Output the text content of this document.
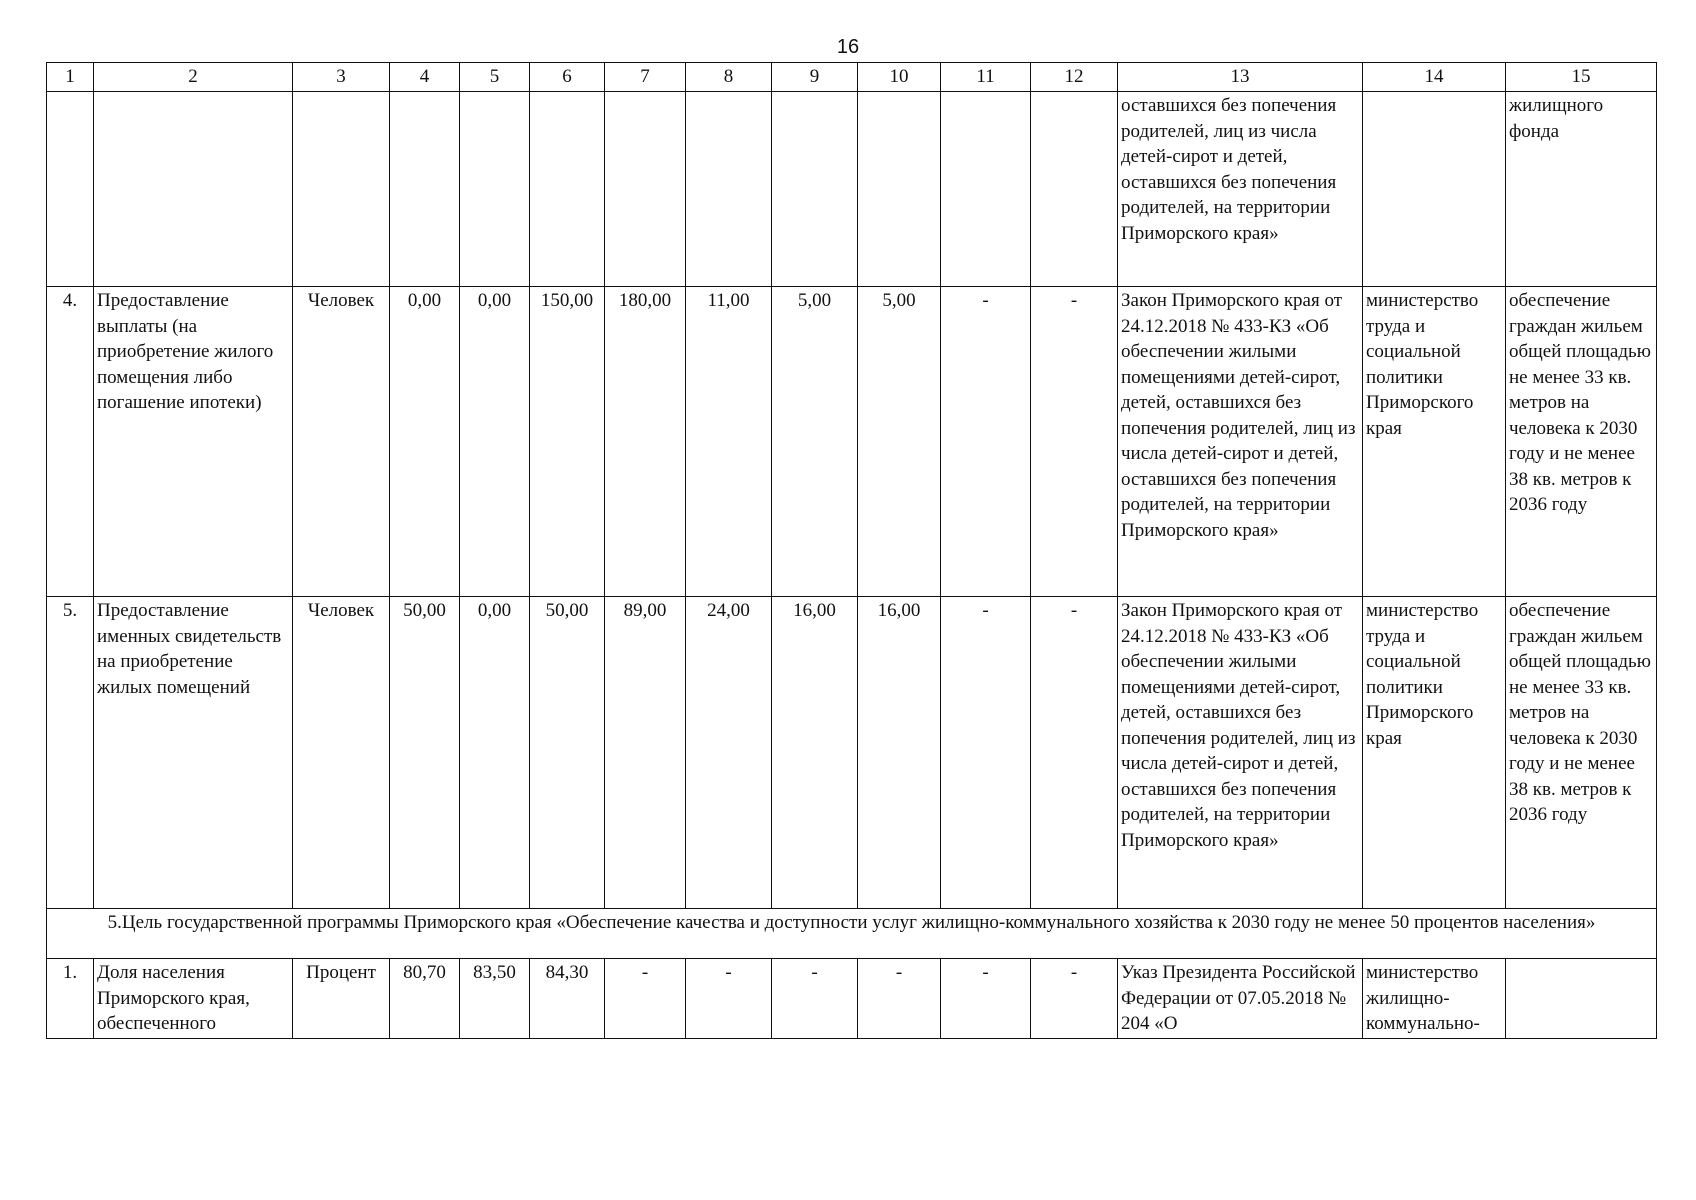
16
1	2	3	4	5	6	7	8	9	10	11	12	13	14	15
												оставшихся без попечения родителей, лиц из числа детей-сирот и детей, оставшихся без попечения родителей, на территории Приморского края»		жилищного фонда
4.	Предоставление выплаты (на приобретение жилого помещения либо погашение ипотеки)	Человек	0,00	0,00	150,00	180,00	11,00	5,00	5,00	-	-	Закон Приморского края от 24.12.2018 № 433-КЗ «Об обеспечении жилыми помещениями детей-сирот, детей, оставшихся без попечения родителей, лиц из числа детей-сирот и детей, оставшихся без попечения родителей, на территории Приморского края»	министерство труда и социальной политики Приморского края	обеспечение граждан жильем общей площадью не менее 33 кв. метров на человека к 2030 году и не менее 38 кв. метров к 2036 году
5.	Предоставление именных свидетельств на приобретение жилых помещений	Человек	50,00	0,00	50,00	89,00	24,00	16,00	16,00	-	-	Закон Приморского края от 24.12.2018 № 433-КЗ «Об обеспечении жилыми помещениями детей-сирот, детей, оставшихся без попечения родителей, лиц из числа детей-сирот и детей, оставшихся без попечения родителей, на территории Приморского края»	министерство труда и социальной политики Приморского края	обеспечение граждан жильем общей площадью не менее 33 кв. метров на человека к 2030 году и не менее 38 кв. метров к 2036 году
5.Цель государственной программы Приморского края «Обеспечение качества и доступности услуг жилищно-коммунального хозяйства к 2030 году не менее 50 процентов населения»														
1.	Доля населения Приморского края, обеспеченного	Процент	80,70	83,50	84,30	-	-	-	-	-	-	Указ Президента Российской Федерации от 07.05.2018 № 204 «О	министерство жилищно-коммунально-	
